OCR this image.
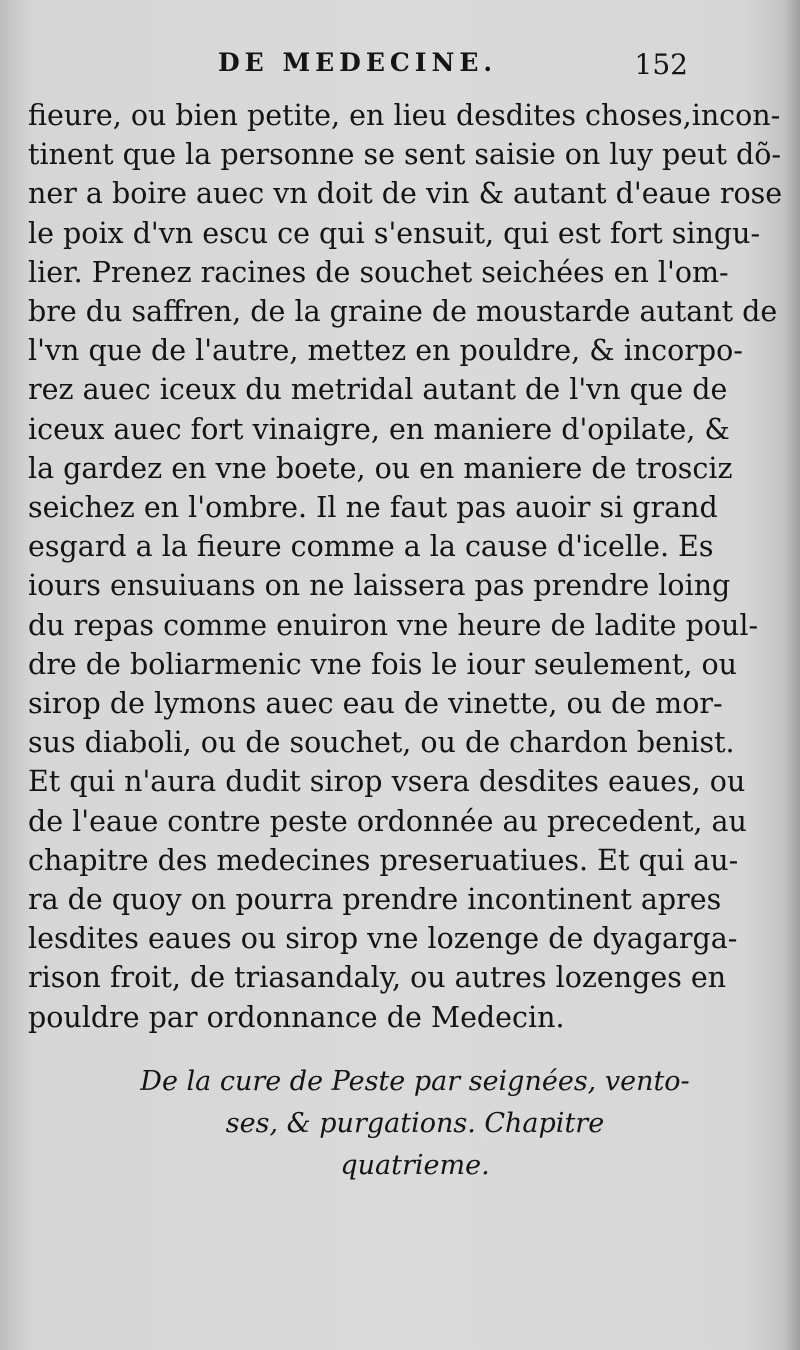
DE MEDECINE.	152
fieure, ou bien petite, en lieu desdites choses,incon-
tinent que la personne se sent saisie on luy peut dõ-
ner a boire auec vn doit de vin & autant d'eaue rose
le poix d'vn escu ce qui s'ensuit, qui est fort singu-
lier. Prenez racines de souchet seichées en l'om-
bre du saffren, de la graine de moustarde autant de
l'vn que de l'autre, mettez en pouldre, & incorpo-
rez auec iceux du metridal autant de l'vn que de
iceux auec fort vinaigre, en maniere d'opilate, &
la gardez en vne boete, ou en maniere de trosciz
seichez en l'ombre. Il ne faut pas auoir si grand
esgard a la fieure comme a la cause d'icelle. Es
iours ensuiuans on ne laissera pas prendre loing
du repas comme enuiron vne heure de ladite poul-
dre de boliarmenic vne fois le iour seulement, ou
sirop de lymons auec eau de vinette, ou de mor-
sus diaboli, ou de souchet, ou de chardon benist.
Et qui n'aura dudit sirop vsera desdites eaues, ou
de l'eaue contre peste ordonnée au precedent, au
chapitre des medecines preseruatiues. Et qui au-
ra de quoy on pourra prendre incontinent apres
lesdites eaues ou sirop vne lozenge de dyagarga-
rison froit, de triasandaly, ou autres lozenges en
pouldre par ordonnance de Medecin.
De la cure de Peste par seignées, vento-
ses, & purgations. Chapitre
quatrieme.
